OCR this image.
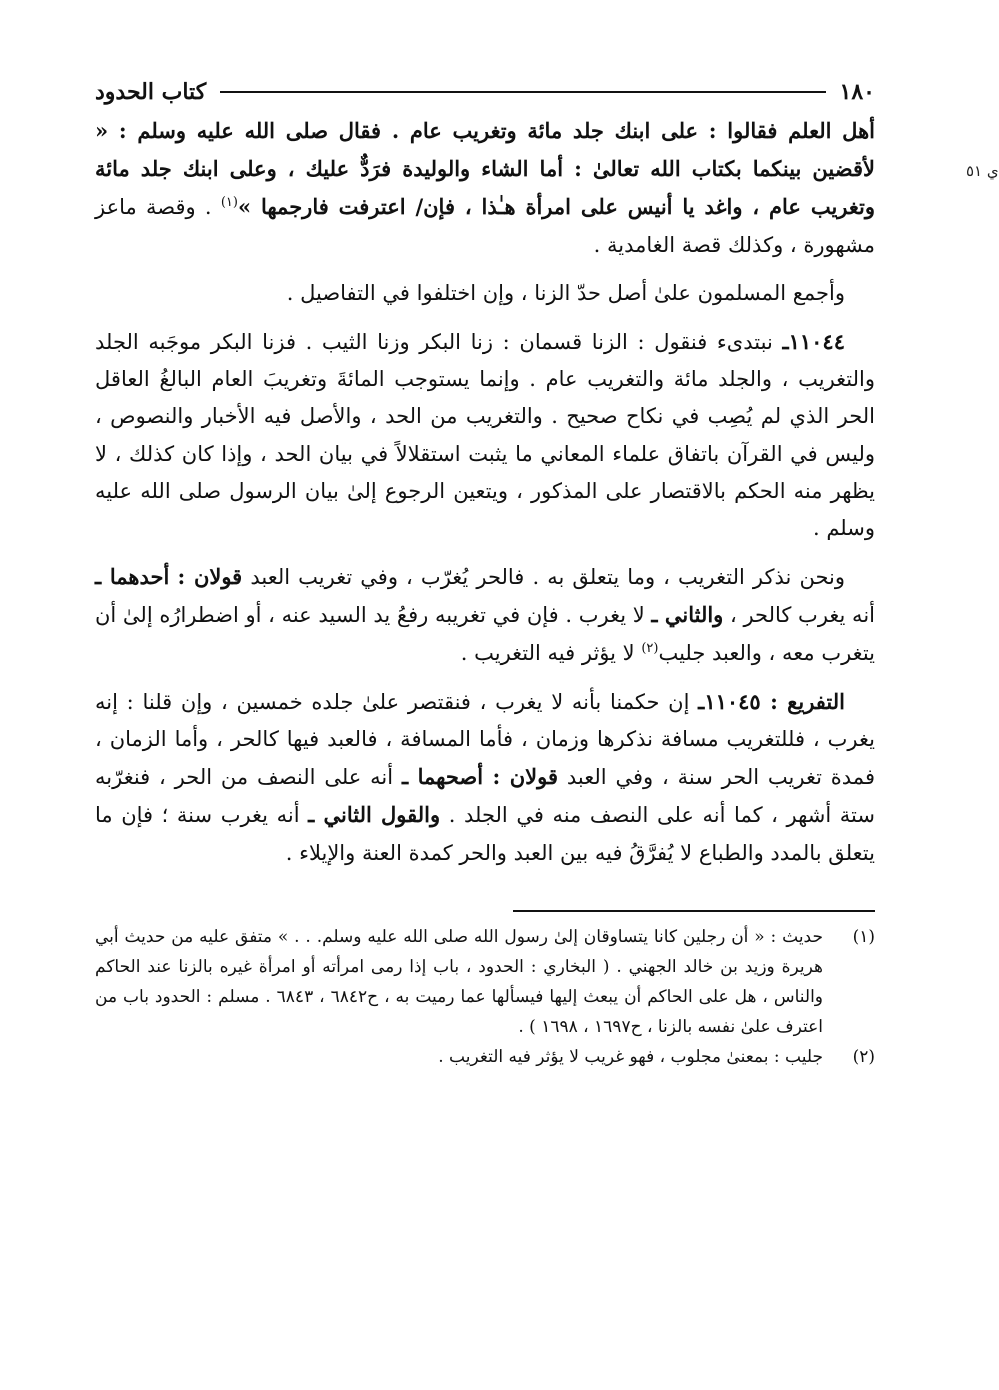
ي ٥١
١٨٠
كتاب الحدود

أهل العلم فقالوا : على ابنك جلد مائة وتغريب عام . فقال صلى الله عليه وسلم : « لأقضين بينكما بكتاب الله تعالىٰ : أما الشاء والوليدة فرَدٌّ عليك ، وعلى ابنك جلد مائة وتغريب عام ، واغد يا أنيس على امرأة هـٰذا ، فإن/ اعترفت فارجمها »$^{(١)}$ . وقصة ماعز مشهورة ، وكذلك قصة الغامدية .

وأجمع المسلمون علىٰ أصل حدّ الزنا ، وإن اختلفوا في التفاصيل .

١١٠٤٤ـ نبتدىء فنقول : الزنا قسمان : زنا البكر وزنا الثيب . فزنا البكر موجَبه الجلد والتغريب ، والجلد مائة والتغريب عام . وإنما يستوجب المائةَ وتغريبَ العام البالغُ العاقل الحر الذي لم يُصِب في نكاح صحيح . والتغريب من الحد ، والأصل فيه الأخبار والنصوص ، وليس في القرآن باتفاق علماء المعاني ما يثبت استقلالاً في بيان الحد ، وإذا كان كذلك ، لا يظهر منه الحكم بالاقتصار على المذكور ، ويتعين الرجوع إلىٰ بيان الرسول صلى الله عليه وسلم .

ونحن نذكر التغريب ، وما يتعلق به . فالحر يُغرّب ، وفي تغريب العبد قولان : أحدهما ـ أنه يغرب كالحر ، والثاني ـ لا يغرب . فإن في تغريبه رفعُ يد السيد عنه ، أو اضطرارُه إلىٰ أن يتغرب معه ، والعبد جليب$^{(٢)}$ لا يؤثر فيه التغريب .

التفريع : ١١٠٤٥ـ إن حكمنا بأنه لا يغرب ، فنقتصر علىٰ جلده خمسين ، وإن قلنا : إنه يغرب ، فللتغريب مسافة نذكرها وزمان ، فأما المسافة ، فالعبد فيها كالحر ، وأما الزمان ، فمدة تغريب الحر سنة ، وفي العبد قولان : أصحهما ـ أنه على النصف من الحر ، فنغرّبه ستة أشهر ، كما أنه على النصف منه في الجلد . والقول الثاني ـ أنه يغرب سنة ؛ فإن ما يتعلق بالمدد والطباع لا يُفرَّقُ فيه بين العبد والحر كمدة العنة والإيلاء .

(١)
حديث : « أن رجلين كانا يتساوقان إلىٰ رسول الله صلى الله عليه وسلم. . . » متفق عليه من حديث أبي هريرة وزيد بن خالد الجهني . ( البخاري : الحدود ، باب إذا رمى امرأته أو امرأة غيره بالزنا عند الحاكم والناس ، هل على الحاكم أن يبعث إليها فيسألها عما رميت به ، ح٦٨٤٢ ، ٦٨٤٣ . مسلم : الحدود باب من اعترف علىٰ نفسه بالزنا ، ح١٦٩٧ ، ١٦٩٨ ) .
(٢)
جليب : بمعنىٰ مجلوب ، فهو غريب لا يؤثر فيه التغريب .
